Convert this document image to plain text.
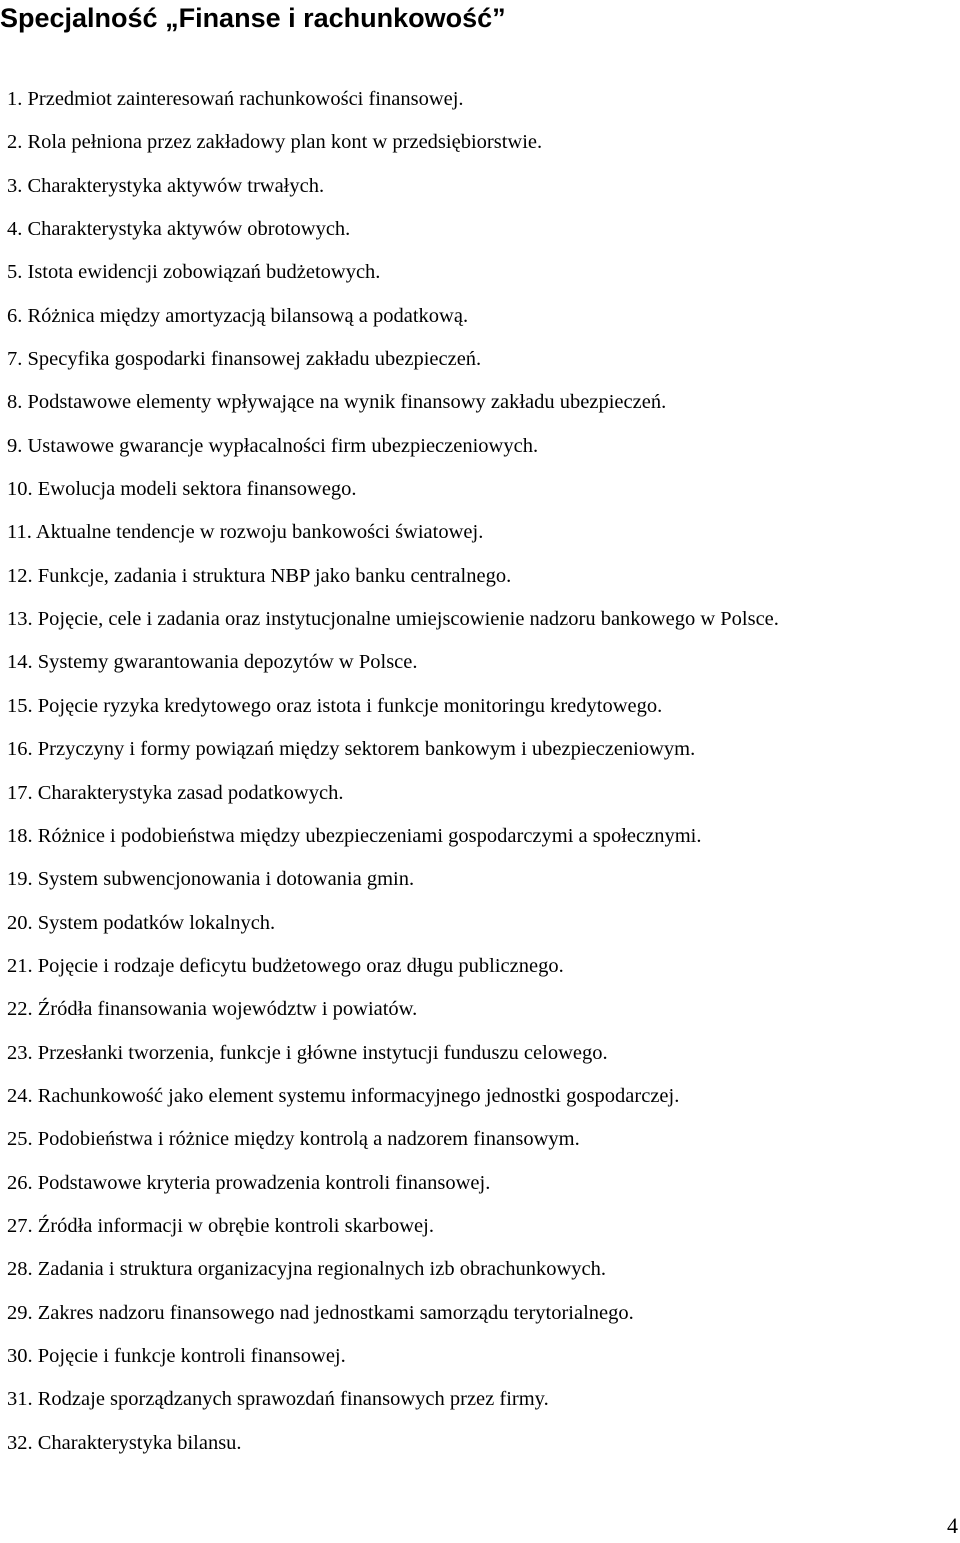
Specjalność „Finanse i rachunkowość”
1. Przedmiot zainteresowań rachunkowości finansowej.
2. Rola pełniona przez zakładowy plan kont w przedsiębiorstwie.
3. Charakterystyka aktywów trwałych.
4. Charakterystyka aktywów obrotowych.
5. Istota ewidencji zobowiązań budżetowych.
6. Różnica między amortyzacją bilansową a podatkową.
7. Specyfika gospodarki finansowej zakładu ubezpieczeń.
8. Podstawowe elementy wpływające na wynik finansowy zakładu ubezpieczeń.
9. Ustawowe gwarancje wypłacalności firm ubezpieczeniowych.
10. Ewolucja modeli sektora finansowego.
11. Aktualne tendencje w rozwoju bankowości światowej.
12. Funkcje, zadania i struktura NBP jako banku centralnego.
13. Pojęcie, cele i zadania oraz instytucjonalne umiejscowienie nadzoru bankowego w Polsce.
14. Systemy gwarantowania depozytów w Polsce.
15. Pojęcie ryzyka kredytowego oraz istota i funkcje monitoringu kredytowego.
16. Przyczyny i formy powiązań między sektorem bankowym i ubezpieczeniowym.
17. Charakterystyka zasad podatkowych.
18. Różnice i podobieństwa między ubezpieczeniami gospodarczymi a społecznymi.
19. System subwencjonowania i dotowania gmin.
20. System podatków lokalnych.
21. Pojęcie i rodzaje deficytu budżetowego oraz długu publicznego.
22. Źródła finansowania województw i powiatów.
23. Przesłanki tworzenia, funkcje i główne instytucji funduszu celowego.
24. Rachunkowość jako element systemu informacyjnego jednostki gospodarczej.
25. Podobieństwa i różnice między kontrolą a nadzorem finansowym.
26. Podstawowe kryteria prowadzenia kontroli finansowej.
27. Źródła informacji w obrębie kontroli skarbowej.
28. Zadania i struktura organizacyjna regionalnych izb obrachunkowych.
29. Zakres nadzoru finansowego nad jednostkami samorządu terytorialnego.
30. Pojęcie i funkcje kontroli finansowej.
31. Rodzaje sporządzanych sprawozdań finansowych przez firmy.
32. Charakterystyka bilansu.
4
